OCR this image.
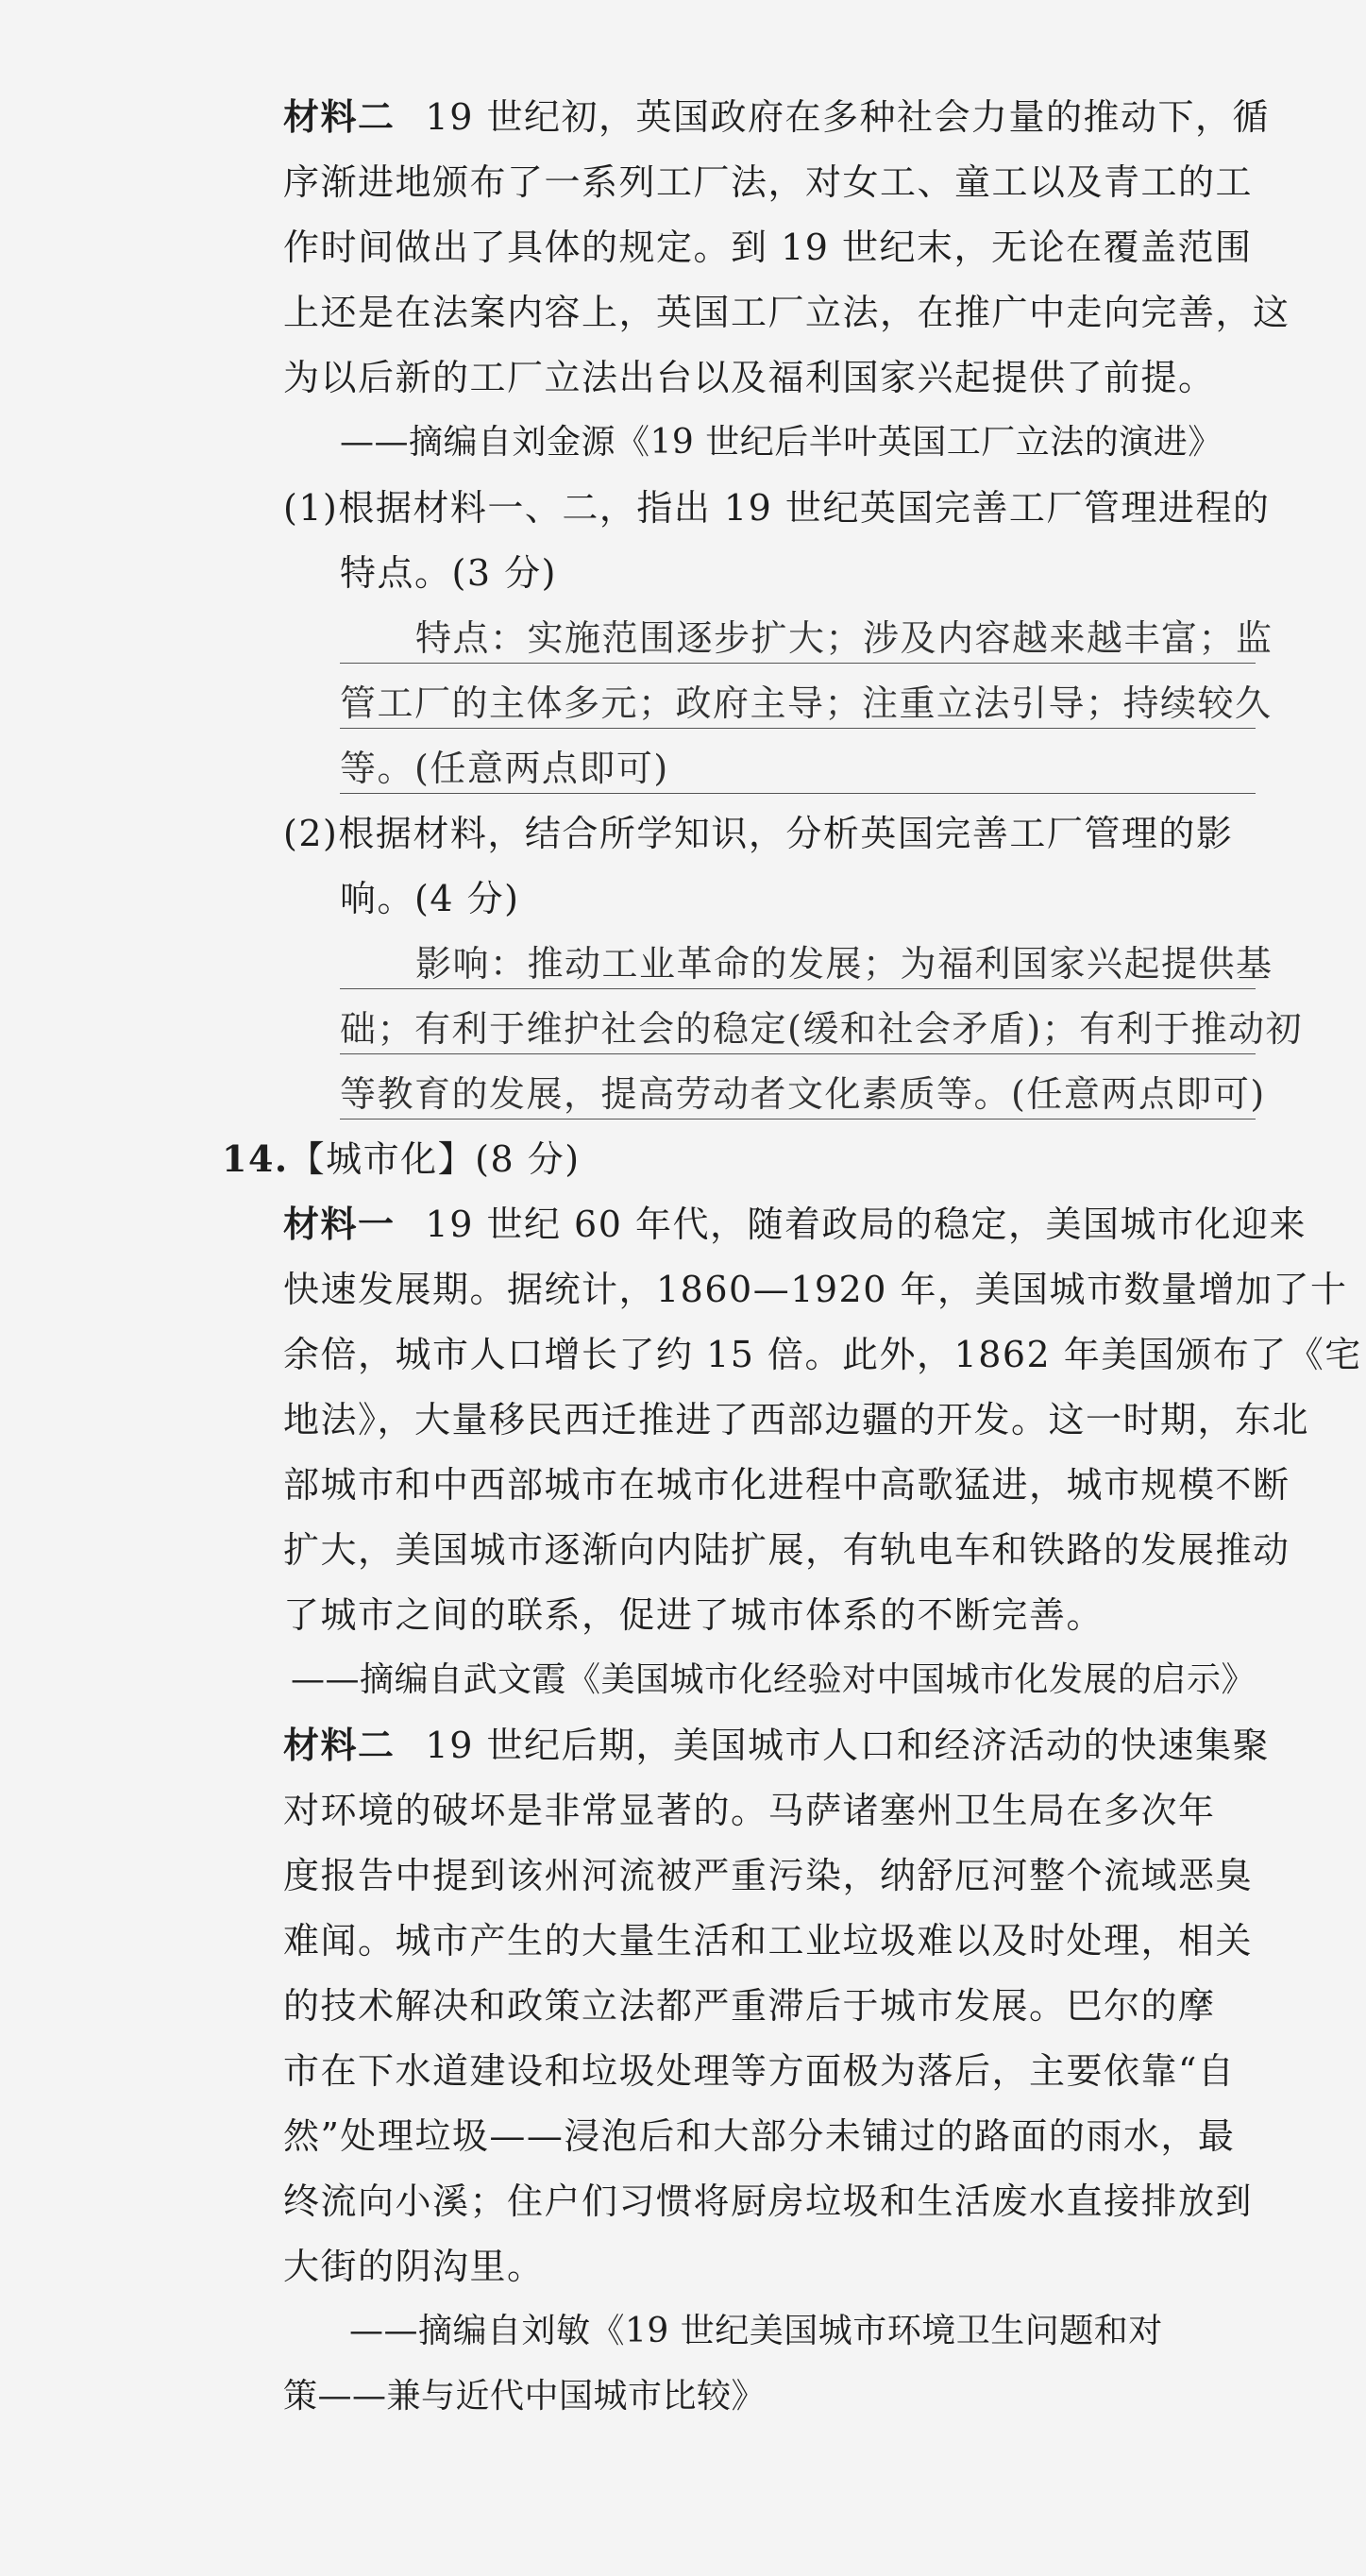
材料二 19 世纪初，英国政府在多种社会力量的推动下，循
序渐进地颁布了一系列工厂法，对女工、童工以及青工的工
作时间做出了具体的规定。到 19 世纪末，无论在覆盖范围
上还是在法案内容上，英国工厂立法，在推广中走向完善，这
为以后新的工厂立法出台以及福利国家兴起提供了前提。
——摘编自刘金源《19 世纪后半叶英国工厂立法的演进》
(1)根据材料一、二，指出 19 世纪英国完善工厂管理进程的
特点。(3 分)
特点：实施范围逐步扩大；涉及内容越来越丰富；监
管工厂的主体多元；政府主导；注重立法引导；持续较久
等。(任意两点即可)
(2)根据材料，结合所学知识，分析英国完善工厂管理的影
响。(4 分)
影响：推动工业革命的发展；为福利国家兴起提供基
础；有利于维护社会的稳定(缓和社会矛盾)；有利于推动初
等教育的发展，提高劳动者文化素质等。(任意两点即可)
14.【城市化】(8 分)
材料一 19 世纪 60 年代，随着政局的稳定，美国城市化迎来
快速发展期。据统计，1860—1920 年，美国城市数量增加了十
余倍，城市人口增长了约 15 倍。此外，1862 年美国颁布了《宅
地法》，大量移民西迁推进了西部边疆的开发。这一时期，东北
部城市和中西部城市在城市化进程中高歌猛进，城市规模不断
扩大，美国城市逐渐向内陆扩展，有轨电车和铁路的发展推动
了城市之间的联系，促进了城市体系的不断完善。
——摘编自武文霞《美国城市化经验对中国城市化发展的启示》
材料二 19 世纪后期，美国城市人口和经济活动的快速集聚
对环境的破坏是非常显著的。马萨诸塞州卫生局在多次年
度报告中提到该州河流被严重污染，纳舒厄河整个流域恶臭
难闻。城市产生的大量生活和工业垃圾难以及时处理，相关
的技术解决和政策立法都严重滞后于城市发展。巴尔的摩
市在下水道建设和垃圾处理等方面极为落后，主要依靠“自
然”处理垃圾——浸泡后和大部分未铺过的路面的雨水，最
终流向小溪；住户们习惯将厨房垃圾和生活废水直接排放到
大街的阴沟里。
——摘编自刘敏《19 世纪美国城市环境卫生问题和对
策——兼与近代中国城市比较》
